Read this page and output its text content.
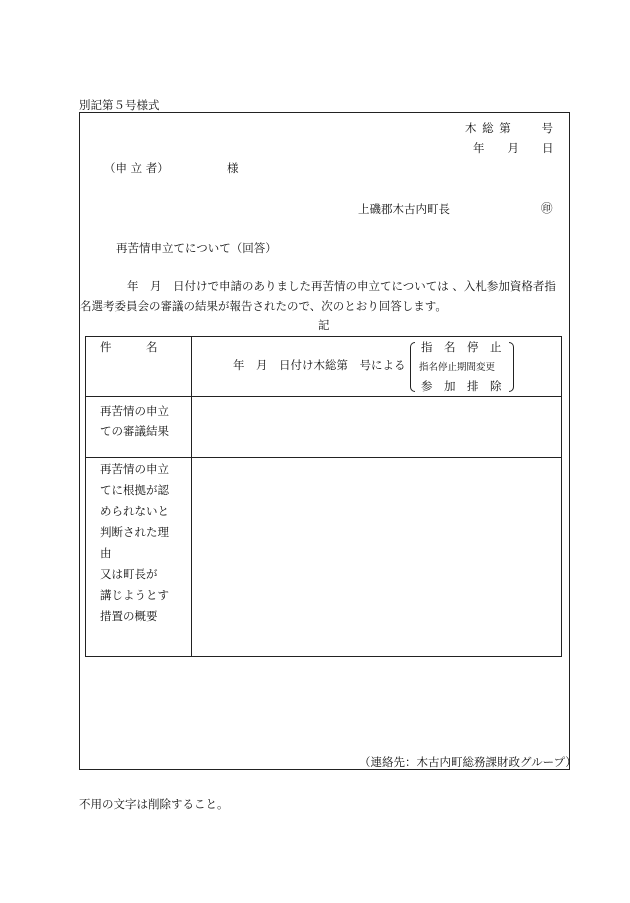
別記第５号様式
木 総 第　　 号
年　　月　　日
（申 立 者）	様
上磯郡木古内町長	㊞
再苦情申立てについて（回答）
年　月　日付けで申請のありました再苦情の申立てについては 、入札参加資格者指
名選考委員会の審議の結果が報告されたので、次のとおり回答します。
記
件　　　名
再苦情の申立
ての審議結果
再苦情の申立
てに根拠が認
められないと
判断された理
由
又は町長が
講じようとす
措置の概要
年　月　日付け木総第　号による
指　名　停　止
指名停止期間変更
参　加　排　除
（連絡先：木古内町総務課財政グループ）
不用の文字は削除すること。
